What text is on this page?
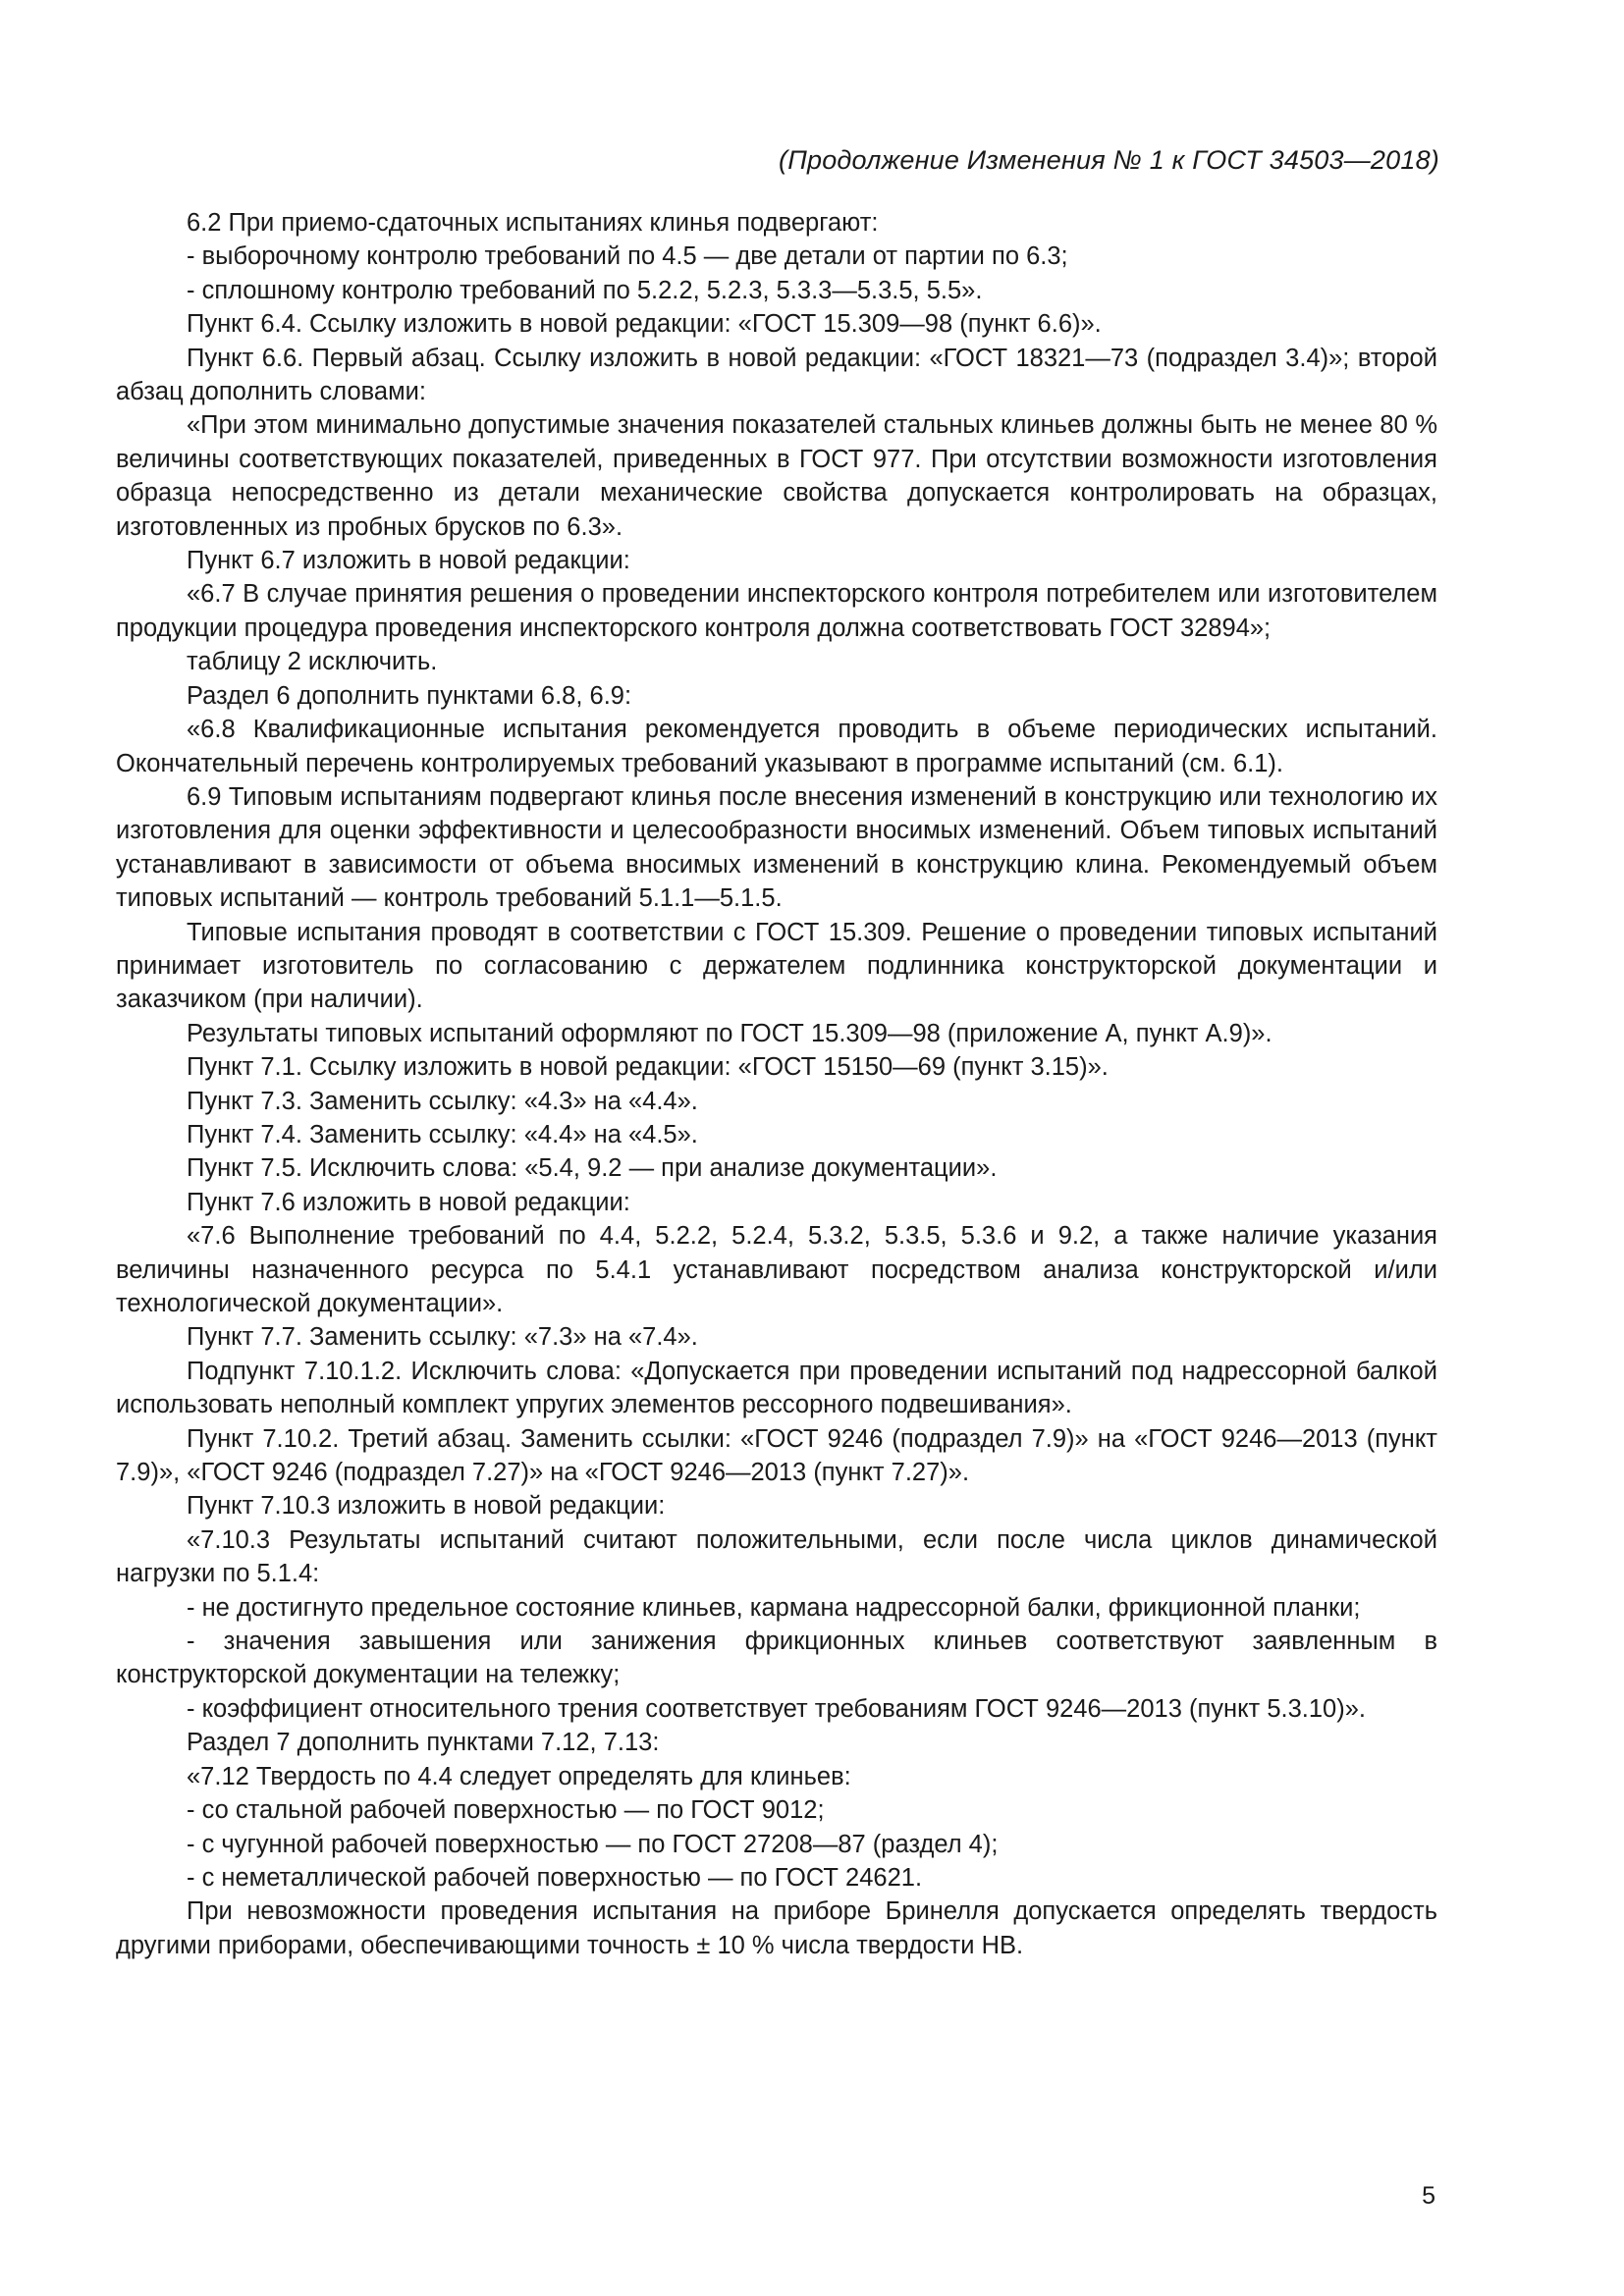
(Продолжение Изменения № 1 к ГОСТ 34503—2018)

6.2 При приемо-сдаточных испытаниях клинья подвергают:

- выборочному контролю требований по 4.5 — две детали от партии по 6.3;

- сплошному контролю требований по 5.2.2, 5.2.3, 5.3.3—5.3.5, 5.5».

Пункт 6.4. Ссылку изложить в новой редакции: «ГОСТ 15.309—98 (пункт 6.6)».

Пункт 6.6. Первый абзац. Ссылку изложить в новой редакции: «ГОСТ 18321—73 (подраздел 3.4)»; второй абзац дополнить словами:

«При этом минимально допустимые значения показателей стальных клиньев должны быть не менее 80 % величины соответствующих показателей, приведенных в ГОСТ 977. При отсутствии возможности изготовления образца непосредственно из детали механические свойства допускается контролировать на образцах, изготовленных из пробных брусков по 6.3».

Пункт 6.7 изложить в новой редакции:

«6.7 В случае принятия решения о проведении инспекторского контроля потребителем или изготовителем продукции процедура проведения инспекторского контроля должна соответствовать ГОСТ 32894»;

таблицу 2 исключить.

Раздел 6 дополнить пунктами 6.8, 6.9:

«6.8 Квалификационные испытания рекомендуется проводить в объеме периодических испытаний. Окончательный перечень контролируемых требований указывают в программе испытаний (см. 6.1).

6.9 Типовым испытаниям подвергают клинья после внесения изменений в конструкцию или технологию их изготовления для оценки эффективности и целесообразности вносимых изменений. Объем типовых испытаний устанавливают в зависимости от объема вносимых изменений в конструкцию клина. Рекомендуемый объем типовых испытаний — контроль требований 5.1.1—5.1.5.

Типовые испытания проводят в соответствии с ГОСТ 15.309. Решение о проведении типовых испытаний принимает изготовитель по согласованию с держателем подлинника конструкторской документации и заказчиком (при наличии).

Результаты типовых испытаний оформляют по ГОСТ 15.309—98 (приложение А, пункт А.9)».

Пункт 7.1. Ссылку изложить в новой редакции: «ГОСТ 15150—69 (пункт 3.15)».

Пункт 7.3. Заменить ссылку: «4.3» на «4.4».

Пункт 7.4. Заменить ссылку: «4.4» на «4.5».

Пункт 7.5. Исключить слова: «5.4, 9.2 — при анализе документации».

Пункт 7.6 изложить в новой редакции:

«7.6 Выполнение требований по 4.4, 5.2.2, 5.2.4, 5.3.2, 5.3.5, 5.3.6 и 9.2, а также наличие указания величины назначенного ресурса по 5.4.1 устанавливают посредством анализа конструкторской и/или технологической документации».

Пункт 7.7. Заменить ссылку: «7.3» на «7.4».

Подпункт 7.10.1.2. Исключить слова: «Допускается при проведении испытаний под надрессорной балкой использовать неполный комплект упругих элементов рессорного подвешивания».

Пункт 7.10.2. Третий абзац. Заменить ссылки: «ГОСТ 9246 (подраздел 7.9)» на «ГОСТ 9246—2013 (пункт 7.9)», «ГОСТ 9246 (подраздел 7.27)» на «ГОСТ 9246—2013 (пункт 7.27)».

Пункт 7.10.3 изложить в новой редакции:

«7.10.3 Результаты испытаний считают положительными, если после числа циклов динамической нагрузки по 5.1.4:

- не достигнуто предельное состояние клиньев, кармана надрессорной балки, фрикционной планки;

- значения завышения или занижения фрикционных клиньев соответствуют заявленным в конструкторской документации на тележку;

- коэффициент относительного трения соответствует требованиям ГОСТ 9246—2013 (пункт 5.3.10)».

Раздел 7 дополнить пунктами 7.12, 7.13:

«7.12 Твердость по 4.4 следует определять для клиньев:

- со стальной рабочей поверхностью — по ГОСТ 9012;

- с чугунной рабочей поверхностью — по ГОСТ 27208—87 (раздел 4);

- с неметаллической рабочей поверхностью — по ГОСТ 24621.

При невозможности проведения испытания на приборе Бринелля допускается определять твердость другими приборами, обеспечивающими точность ± 10 % числа твердости НВ.

5
